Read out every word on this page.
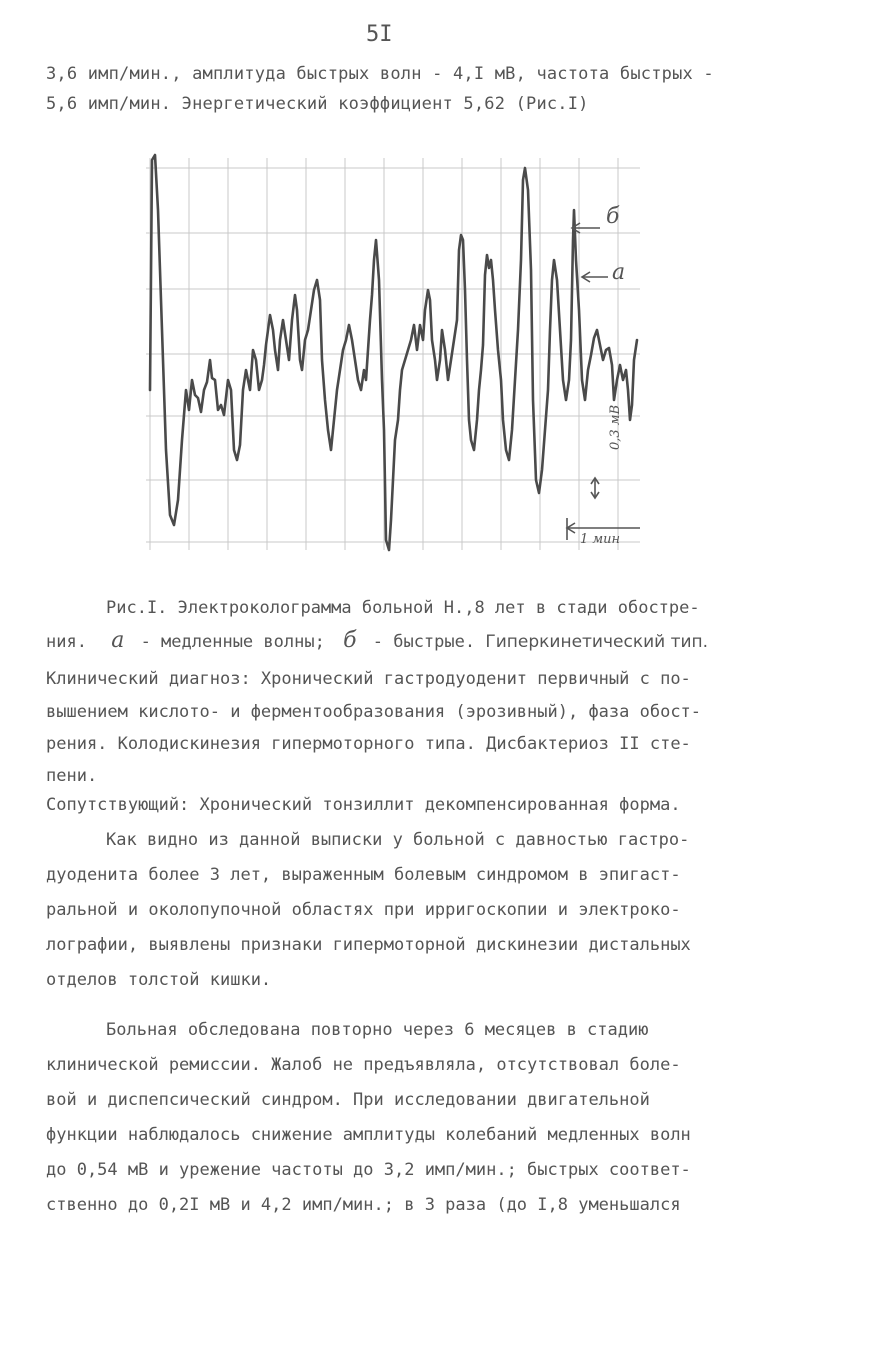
5I
3,6 имп/мин., амплитуда быстрых волн - 4,I мВ, частота быстрых -
5,6 имп/мин. Энергетический коэффициент 5,62 (Рис.I)
б
а
0,3 мВ
1 мин
Рис.I. Электроколограмма больной Н.,8 лет в стади обостре-
ния. а - медленные волны; б - быстрые. Гиперкинетический тип.
Клинический диагноз: Хронический гастродуоденит первичный с по-
вышением кислото- и ферментообразования (эрозивный), фаза обост-
рения. Колодискинезия гипермоторного типа. Дисбактериоз II сте-
пени.
Сопутствующий: Хронический тонзиллит декомпенсированная форма.
Как видно из данной выписки у больной с давностью гастро-
дуоденита более 3 лет, выраженным болевым синдромом в эпигаст-
ральной и околопупочной областях при ирригоскопии и электроко-
лографии, выявлены признаки гипермоторной дискинезии дистальных
отделов толстой кишки.
Больная обследована повторно через 6 месяцев в стадию
клинической ремиссии. Жалоб не предъявляла, отсутствовал боле-
вой и диспепсический синдром. При исследовании двигательной
функции наблюдалось снижение амплитуды колебаний медленных волн
до 0,54 мВ и урежение частоты до 3,2 имп/мин.; быстрых соответ-
ственно до 0,2I мВ и 4,2 имп/мин.; в 3 раза (до I,8 уменьшался
